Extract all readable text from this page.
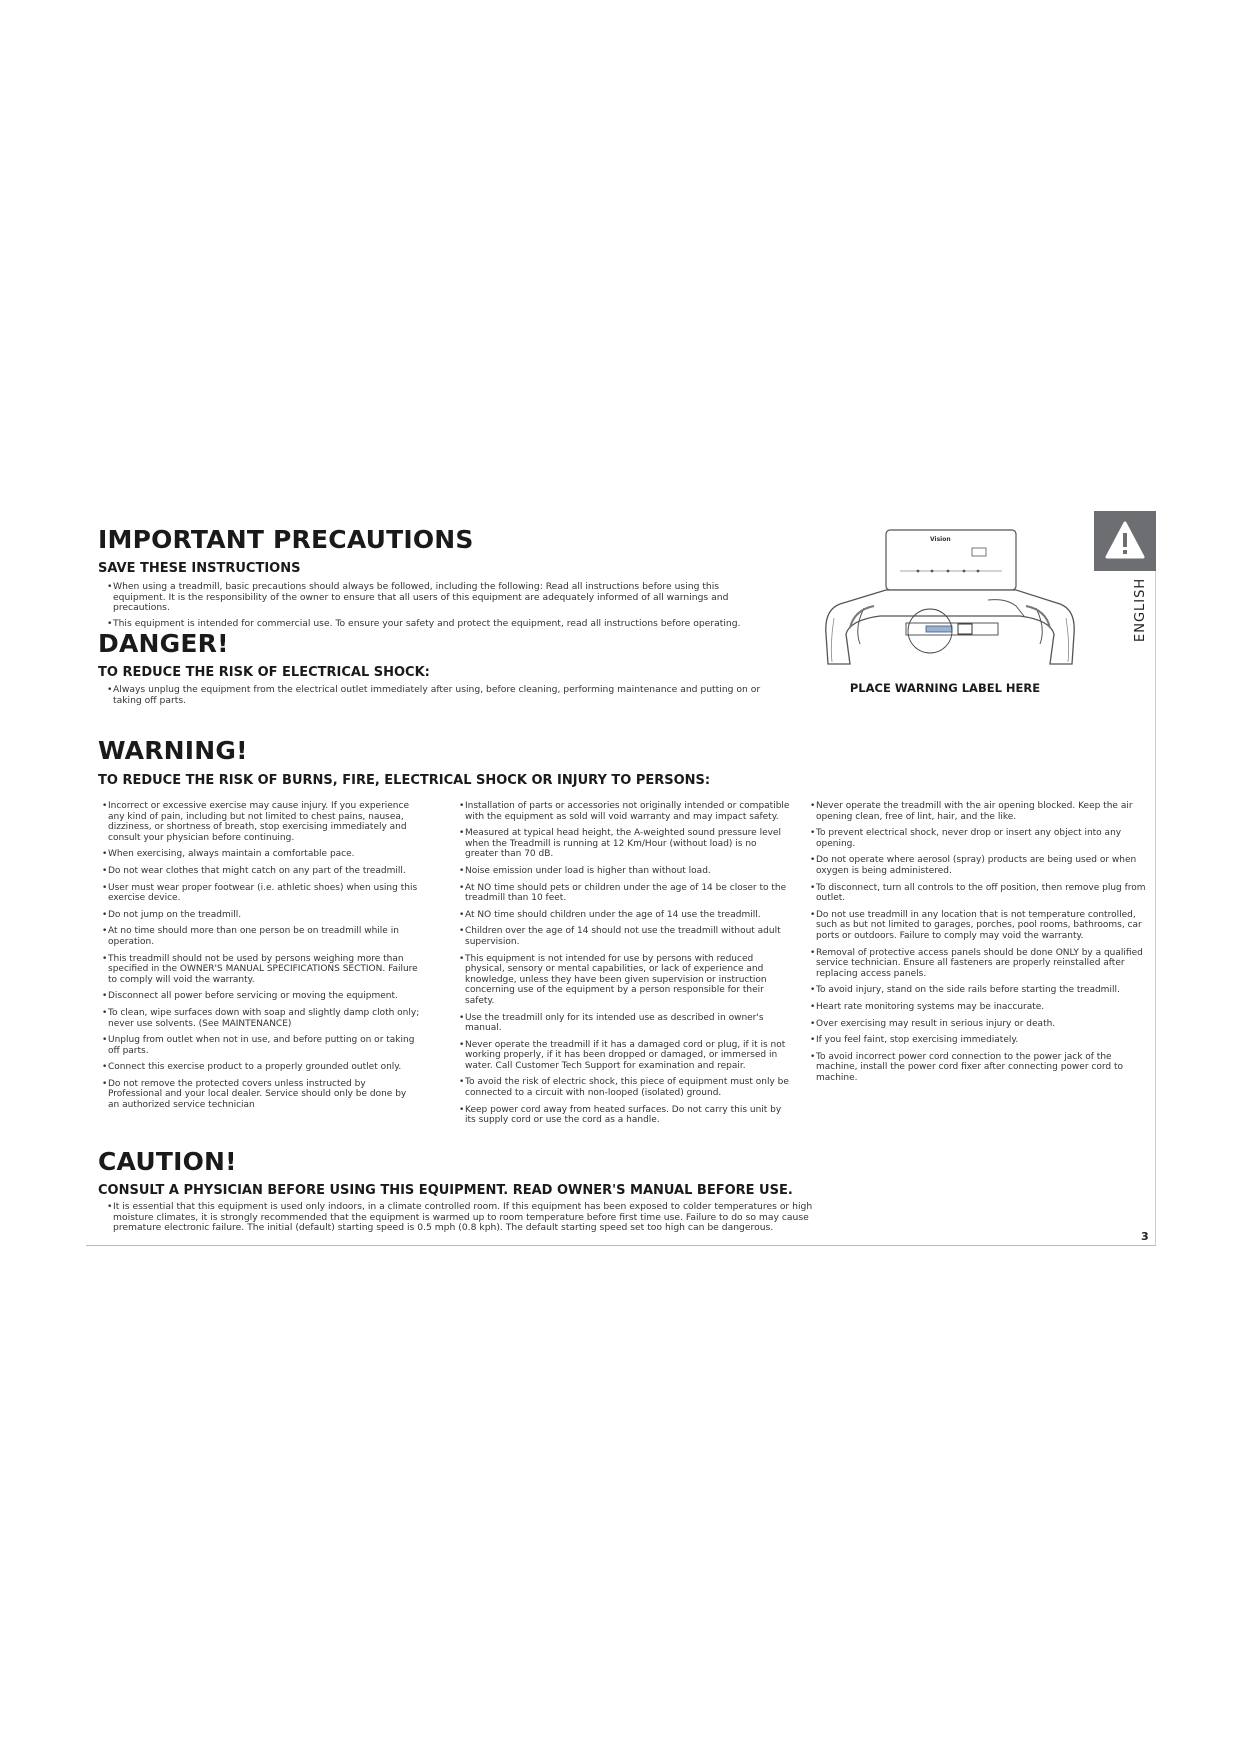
ENGLISH
IMPORTANT PRECAUTIONS
SAVE THESE INSTRUCTIONS
• When using a treadmill, basic precautions should always be followed, including the following: Read all instructions before using this equipment. It is the responsibility of the owner to ensure that all users of this equipment are adequately informed of all warnings and precautions.
• This equipment is intended for commercial use. To ensure your safety and protect the equipment, read all instructions before operating.
DANGER!
TO REDUCE THE RISK OF ELECTRICAL SHOCK:
• Always unplug the equipment from the electrical outlet immediately after using, before cleaning, performing maintenance and putting on or taking off parts.
Vision
PLACE WARNING LABEL HERE
WARNING!
TO REDUCE THE RISK OF BURNS, FIRE, ELECTRICAL SHOCK OR INJURY TO PERSONS:
• Incorrect or excessive exercise may cause injury. If you experience any kind of pain, including but not limited to chest pains, nausea, dizziness, or shortness of breath, stop exercising immediately and consult your physician before continuing.
• When exercising, always maintain a comfortable pace.
• Do not wear clothes that might catch on any part of the treadmill.
• User must wear proper footwear (i.e. athletic shoes) when using this exercise device.
• Do not jump on the treadmill.
• At no time should more than one person be on treadmill while in operation.
• This treadmill should not be used by persons weighing more than specified in the OWNER'S MANUAL SPECIFICATIONS SECTION. Failure to comply will void the warranty.
• Disconnect all power before servicing or moving the equipment.
• To clean, wipe surfaces down with soap and slightly damp cloth only; never use solvents. (See MAINTENANCE)
• Unplug from outlet when not in use, and before putting on or taking off parts.
• Connect this exercise product to a properly grounded outlet only.
• Do not remove the protected covers unless instructed by Professional and your local dealer. Service should only be done by an authorized service technician
• Installation of parts or accessories not originally intended or compatible with the equipment as sold will void warranty and may impact safety.
• Measured at typical head height, the A-weighted sound pressure level when the Treadmill is running at 12 Km/Hour (without load) is no greater than 70 dB.
• Noise emission under load is higher than without load.
• At NO time should pets or children under the age of 14 be closer to the treadmill than 10 feet.
• At NO time should children under the age of 14 use the treadmill.
• Children over the age of 14 should not use the treadmill without adult supervision.
• This equipment is not intended for use by persons with reduced physical, sensory or mental capabilities, or lack of experience and knowledge, unless they have been given supervision or instruction concerning use of the equipment by a person responsible for their safety.
• Use the treadmill only for its intended use as described in owner's manual.
• Never operate the treadmill if it has a damaged cord or plug, if it is not working properly, if it has been dropped or damaged, or immersed in water. Call Customer Tech Support for examination and repair.
• To avoid the risk of electric shock, this piece of equipment must only be connected to a circuit with non-looped (isolated) ground.
• Keep power cord away from heated surfaces. Do not carry this unit by its supply cord or use the cord as a handle.
• Never operate the treadmill with the air opening blocked. Keep the air opening clean, free of lint, hair, and the like.
• To prevent electrical shock, never drop or insert any object into any opening.
• Do not operate where aerosol (spray) products are being used or when oxygen is being administered.
• To disconnect, turn all controls to the off position, then remove plug from outlet.
• Do not use treadmill in any location that is not temperature controlled, such as but not limited to garages, porches, pool rooms, bathrooms, car ports or outdoors. Failure to comply may void the warranty.
• Removal of protective access panels should be done ONLY by a qualified service technician. Ensure all fasteners are properly reinstalled after replacing access panels.
• To avoid injury, stand on the side rails before starting the treadmill.
• Heart rate monitoring systems may be inaccurate.
• Over exercising may result in serious injury or death.
• If you feel faint, stop exercising immediately.
• To avoid incorrect power cord connection to the power jack of the machine, install the power cord fixer after connecting power cord to machine.
CAUTION!
CONSULT A PHYSICIAN BEFORE USING THIS EQUIPMENT. READ OWNER'S MANUAL BEFORE USE.
• It is essential that this equipment is used only indoors, in a climate controlled room. If this equipment has been exposed to colder temperatures or high moisture climates, it is strongly recommended that the equipment is warmed up to room temperature before first time use. Failure to do so may cause premature electronic failure. The initial (default) starting speed is 0.5 mph (0.8 kph). The default starting speed set too high can be dangerous.
3
